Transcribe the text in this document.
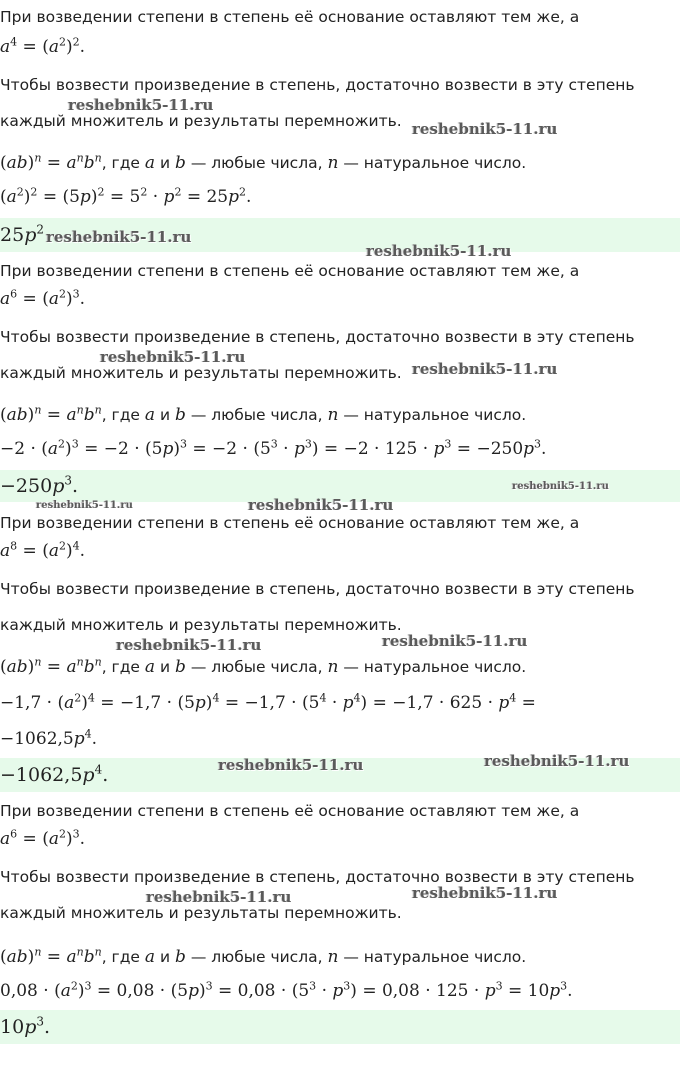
При возведении степени в степень её основание оставляют тем же, а
$a^4 = (a^2)^2$.
Чтобы возвести произведение в степень, достаточно возвести в эту степень
каждый множитель и результаты перемножить.
$(ab)^n = a^nb^n$, где a и b — любые числа, n — натуральное число.
$(a^2)^2 = (5p)^2 = 5^2 \cdot p^2 = 25p^2$.
$25p^2$
При возведении степени в степень её основание оставляют тем же, а
$a^6 = (a^2)^3$.
Чтобы возвести произведение в степень, достаточно возвести в эту степень
каждый множитель и результаты перемножить.
$(ab)^n = a^nb^n$, где a и b — любые числа, n — натуральное число.
$-2 \cdot (a^2)^3 = -2 \cdot (5p)^3 = -2 \cdot (5^3 \cdot p^3) = -2 \cdot 125 \cdot p^3 = -250p^3$.
$-250p^3$.
При возведении степени в степень её основание оставляют тем же, а
$a^8 = (a^2)^4$.
Чтобы возвести произведение в степень, достаточно возвести в эту степень
каждый множитель и результаты перемножить.
$(ab)^n = a^nb^n$, где a и b — любые числа, n — натуральное число.
$-1,7 \cdot (a^2)^4 = -1,7 \cdot (5p)^4 = -1,7 \cdot (5^4 \cdot p^4) = -1,7 \cdot 625 \cdot p^4$ =
$-1062,5p^4$.
$-1062,5p^4$.
При возведении степени в степень её основание оставляют тем же, а
$a^6 = (a^2)^3$.
Чтобы возвести произведение в степень, достаточно возвести в эту степень
каждый множитель и результаты перемножить.
$(ab)^n = a^nb^n$, где a и b — любые числа, n — натуральное число.
$0,08 \cdot (a^2)^3 = 0,08 \cdot (5p)^3 = 0,08 \cdot (5^3 \cdot p^3) = 0,08 \cdot 125 \cdot p^3 = 10p^3$.
$10p^3$.
reshebnik5-11.ru
reshebnik5-11.ru
reshebnik5-11.ru
reshebnik5-11.ru
reshebnik5-11.ru
reshebnik5-11.ru
reshebnik5-11.ru
reshebnik5-11.ru	reshebnik5-11.ru
reshebnik5-11.ru	reshebnik5-11.ru
reshebnik5-11.ru	reshebnik5-11.ru
reshebnik5-11.ru	reshebnik5-11.ru
